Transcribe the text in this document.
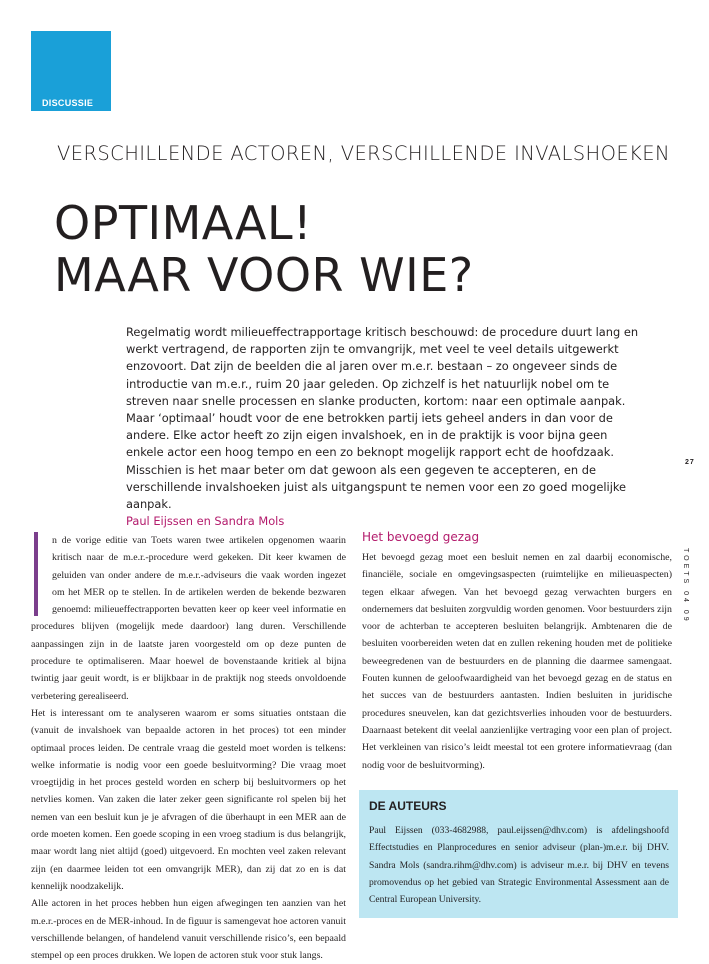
DISCUSSIE
VERSCHILLENDE ACTOREN, VERSCHILLENDE INVALSHOEKEN
OPTIMAAL!
MAAR VOOR WIE?
Regelmatig wordt milieueffectrapportage kritisch beschouwd: de procedure duurt lang en werkt vertragend, de rapporten zijn te omvangrijk, met veel te veel details uitgewerkt enzovoort. Dat zijn de beelden die al jaren over m.e.r. bestaan – zo ongeveer sinds de introductie van m.e.r., ruim 20 jaar geleden. Op zichzelf is het natuurlijk nobel om te streven naar snelle processen en slanke producten, kortom: naar een optimale aanpak. Maar ‘optimaal’ houdt voor de ene betrokken partij iets geheel anders in dan voor de andere. Elke actor heeft zo zijn eigen invalshoek, en in de praktijk is voor bijna geen enkele actor een hoog tempo en een zo beknopt mogelijk rapport echt de hoofdzaak. Misschien is het maar beter om dat gewoon als een gegeven te accepteren, en de verschillende invalshoeken juist als uitgangspunt te nemen voor een zo goed mogelijke aanpak.
Paul Eijssen en Sandra Mols
27
TOETS 04 09

n de vorige editie van Toets waren twee artikelen opgenomen waarin kritisch naar de m.e.r.-procedure werd gekeken. Dit keer kwamen de geluiden van onder andere de m.e.r.-adviseurs die vaak worden ingezet om het MER op te stellen. In de artikelen werden de bekende bezwaren genoemd: milieueffectrapporten bevatten keer op keer veel informatie en procedures blijven (mogelijk mede daardoor) lang duren. Verschillende aanpassingen zijn in de laatste jaren voorgesteld om op deze punten de procedure te optimaliseren. Maar hoewel de bovenstaande kritiek al bijna twintig jaar geuit wordt, is er blijkbaar in de praktijk nog steeds onvoldoende verbetering gerealiseerd.

Het is interessant om te analyseren waarom er soms situaties ontstaan die (vanuit de invalshoek van bepaalde actoren in het proces) tot een minder optimaal proces leiden. De centrale vraag die gesteld moet worden is telkens: welke informatie is nodig voor een goede besluitvorming? Die vraag moet vroegtijdig in het proces gesteld worden en scherp bij besluitvormers op het netvlies komen. Van zaken die later zeker geen significante rol spelen bij het nemen van een besluit kun je je afvragen of die überhaupt in een MER aan de orde moeten komen. Een goede scoping in een vroeg stadium is dus belangrijk, maar wordt lang niet altijd (goed) uitgevoerd. En mochten veel zaken relevant zijn (en daarmee leiden tot een omvangrijk MER), dan zij dat zo en is dat kennelijk noodzakelijk.

Alle actoren in het proces hebben hun eigen afwegingen ten aanzien van het m.e.r.-proces en de MER-inhoud. In de figuur is samengevat hoe actoren vanuit verschillende belangen, of handelend vanuit verschillende risico’s, een bepaald stempel op een proces drukken. We lopen de actoren stuk voor stuk langs.

Het bevoegd gezag

Het bevoegd gezag moet een besluit nemen en zal daarbij economische, financiële, sociale en omgevingsaspecten (ruimtelijke en milieuaspecten) tegen elkaar afwegen. Van het bevoegd gezag verwachten burgers en ondernemers dat besluiten zorgvuldig worden genomen. Voor bestuurders zijn voor de achterban te accepteren besluiten belangrijk. Ambtenaren die de besluiten voorbereiden weten dat en zullen rekening houden met de politieke beweegredenen van de bestuurders en de planning die daarmee samengaat. Fouten kunnen de geloofwaardigheid van het bevoegd gezag en de status en het succes van de bestuurders aantasten. Indien besluiten in juridische procedures sneuvelen, kan dat gezichtsverlies inhouden voor de bestuurders. Daarnaast betekent dit veelal aanzienlijke vertraging voor een plan of project. Het verkleinen van risico’s leidt meestal tot een grotere informatievraag (dan nodig voor de besluitvorming).

DE AUTEURS

Paul Eijssen (033-4682988, paul.eijssen@dhv.com) is afdelingshoofd Effectstudies en Planprocedures en senior adviseur (plan-)m.e.r. bij DHV. Sandra Mols (sandra.rihm@dhv.com) is adviseur m.e.r. bij DHV en tevens promovendus op het gebied van Strategic Environmental Assessment aan de Central European University.
